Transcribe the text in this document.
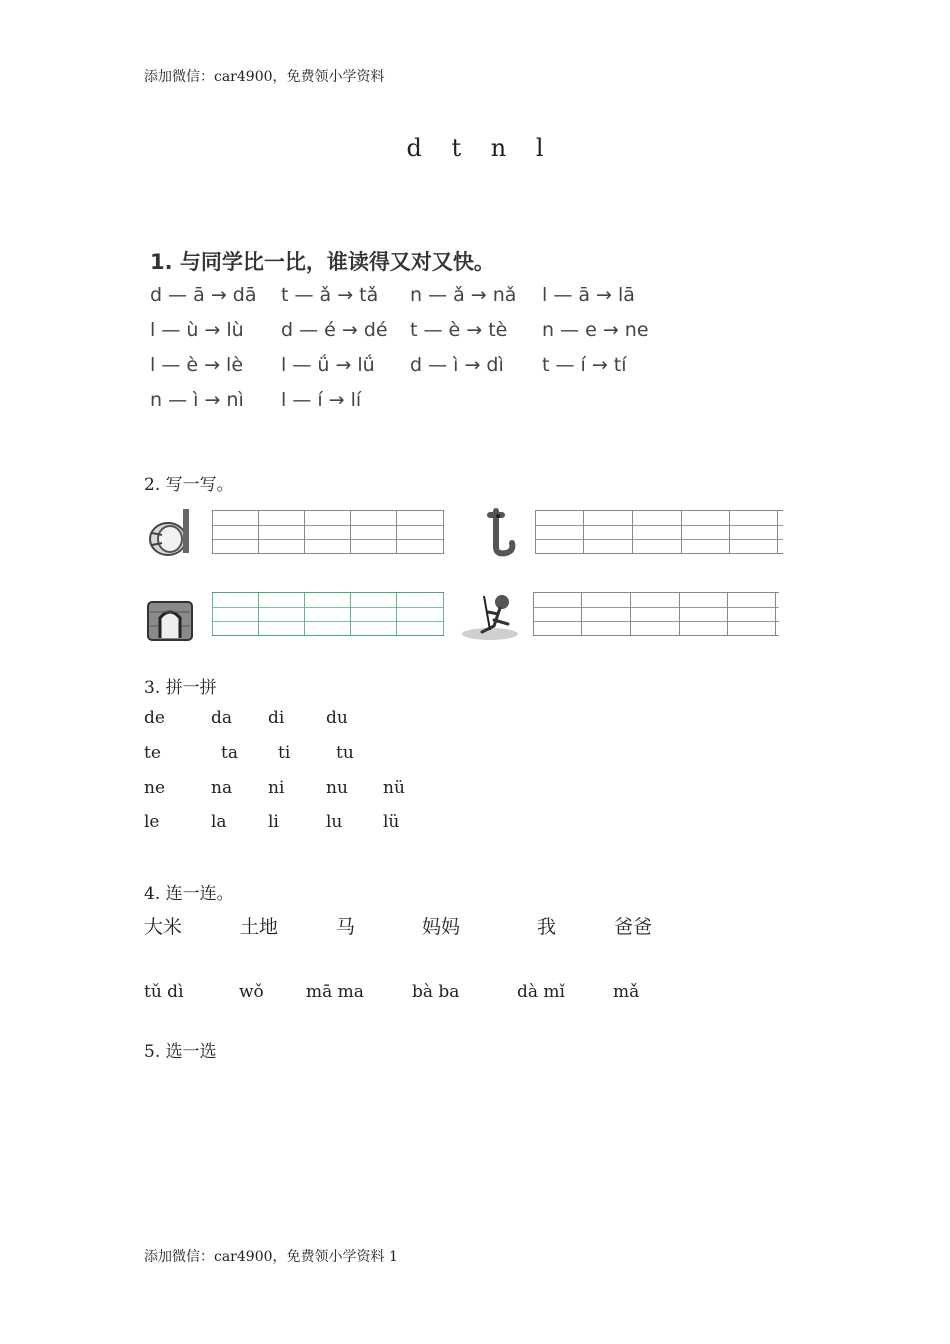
添加微信：car4900，免费领小学资料
d t n l
1. 与同学比一比，谁读得又对又快。
d — ā → dā t — ǎ → tǎ n — ǎ → nǎ l — ā → lā
l — ù → lù d — é → dé t — è → tè n — e → ne
l — è → lè l — ǘ → lǘ d — ì → dì t — í → tí
n — ì → nì l — í → lí
2. 写一写。
3. 拼一拼
de	da di du
te	ta ti	tu
ne	na ni nu nü
le	la li	lu lü
4. 连一连。
大米	土地	马	妈妈	我	爸爸
tǔ dì	wǒ mā ma	bà ba	dà mǐ	mǎ
5. 选一选
添加微信：car4900，免费领小学资料 1
